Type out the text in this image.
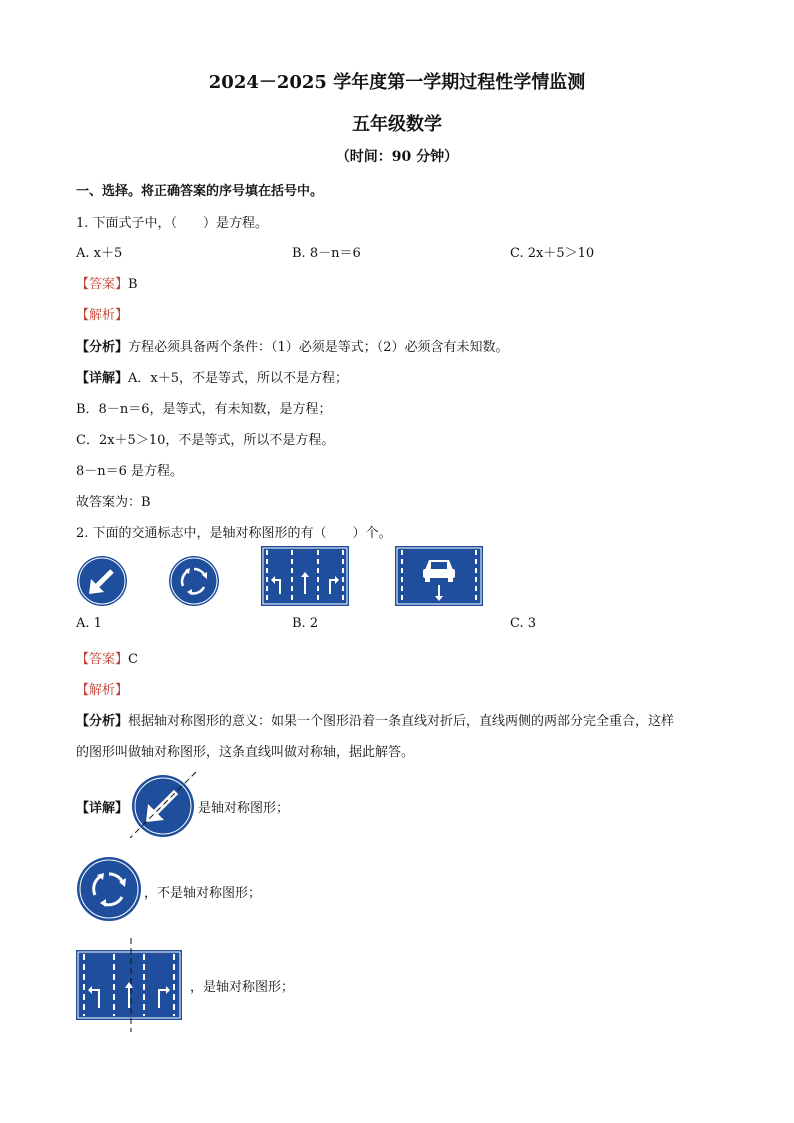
2024－2025 学年度第一学期过程性学情监测
五年级数学
（时间：90 分钟）
一、选择。将正确答案的序号填在括号中。
1. 下面式子中，（　　）是方程。
A. x＋5	B. 8－n＝6	C. 2x＋5＞10
【答案】B
【解析】
【分析】方程必须具备两个条件：（1）必须是等式；（2）必须含有未知数。
【详解】A．x＋5，不是等式，所以不是方程；
B．8－n＝6，是等式，有未知数，是方程；
C．2x＋5＞10，不是等式，所以不是方程。
8－n＝6 是方程。
故答案为：B
2. 下面的交通标志中，是轴对称图形的有（　　）个。
A. 1	B. 2	C. 3
【答案】C
【解析】
【分析】根据轴对称图形的意义：如果一个图形沿着一条直线对折后，直线两侧的两部分完全重合，这样
的图形叫做轴对称图形，这条直线叫做对称轴，据此解答。
【详解】	是轴对称图形；
，不是轴对称图形；
，是轴对称图形；
